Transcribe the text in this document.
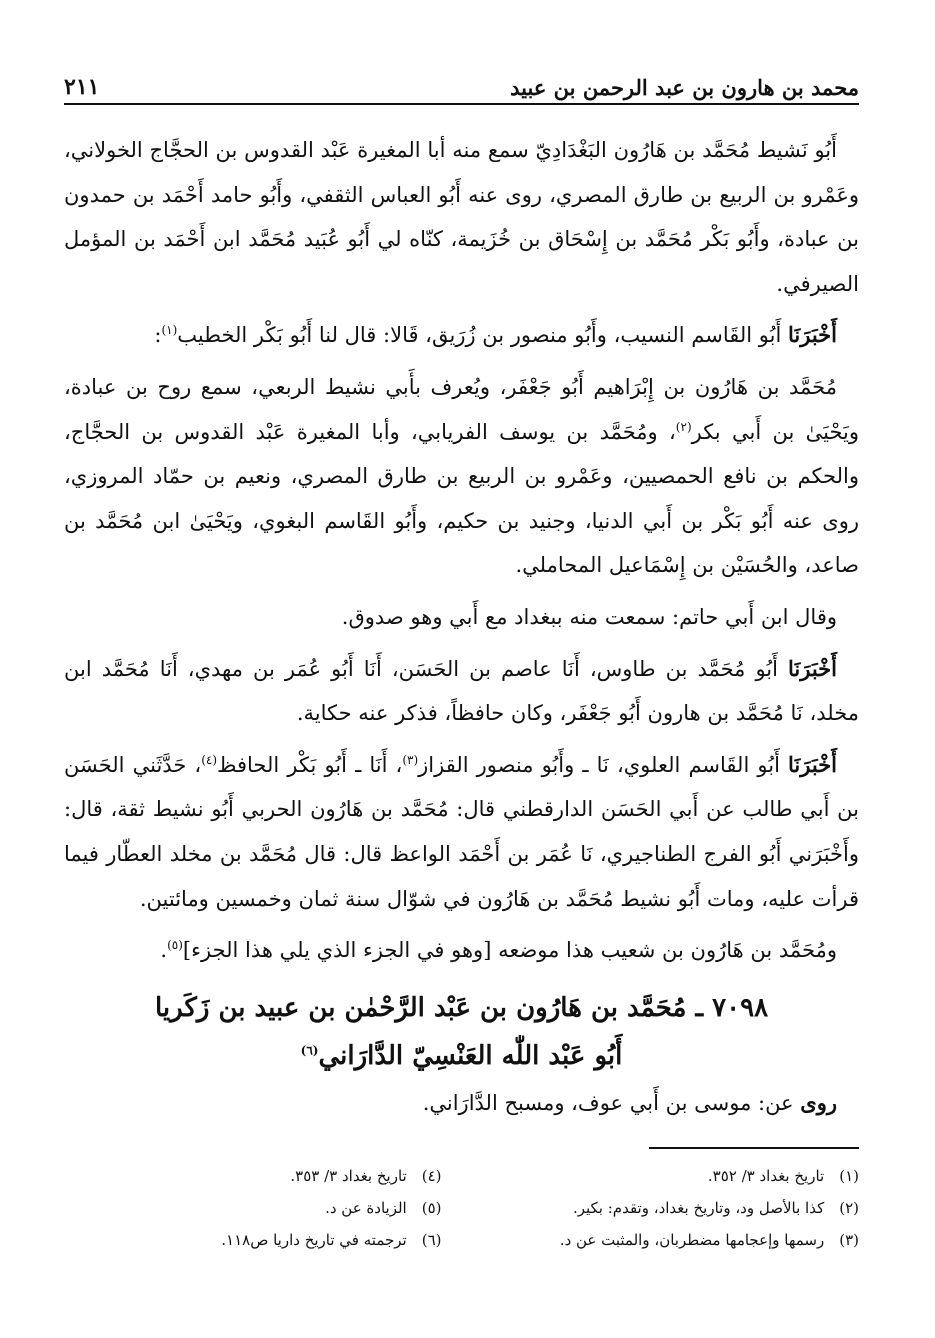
محمد بن هارون بن عبد الرحمن بن عبيد
٢١١

أَبُو نَشيط مُحَمَّد بن هَارُون البَغْدَادِيّ سمع منه أبا المغيرة عَبْد القدوس بن الحجَّاج الخولاني، وعَمْرو بن الربيع بن طارق المصري، روى عنه أَبُو العباس الثقفي، وأَبُو حامد أَحْمَد بن حمدون بن عبادة، وأَبُو بَكْر مُحَمَّد بن إِسْحَاق بن خُزَيمة، كنّاه لي أَبُو عُبَيد مُحَمَّد ابن أَحْمَد بن المؤمل الصيرفي.

أَخْبَرَنَا أَبُو القَاسم النسيب، وأَبُو منصور بن زُرَيق، قَالا: قال لنا أَبُو بَكْر الخطيب$^{(١)}$:

مُحَمَّد بن هَارُون بن إِبْرَاهيم أَبُو جَعْفَر، ويُعرف بأَبي نشيط الربعي، سمع روح بن عبادة، ويَحْيَىٰ بن أَبي بكر$^{(٢)}$، ومُحَمَّد بن يوسف الفريابي، وأبا المغيرة عَبْد القدوس بن الحجَّاج، والحكم بن نافع الحمصيين، وعَمْرو بن الربيع بن طارق المصري، ونعيم بن حمّاد المروزي، روى عنه أَبُو بَكْر بن أَبي الدنيا، وجنيد بن حكيم، وأَبُو القَاسم البغوي، ويَحْيَىٰ ابن مُحَمَّد بن صاعد، والحُسَيْن بن إِسْمَاعيل المحاملي.

وقال ابن أَبي حاتم: سمعت منه ببغداد مع أَبي وهو صدوق.

أَخْبَرَنَا أَبُو مُحَمَّد بن طاوس، أَنَا عاصم بن الحَسَن، أَنَا أَبُو عُمَر بن مهدي، أَنَا مُحَمَّد ابن مخلد، نَا مُحَمَّد بن هارون أَبُو جَعْفَر، وكان حافظاً، فذكر عنه حكاية.

أَخْبَرَنَا أَبُو القَاسم العلوي، نَا ـ وأَبُو منصور القزاز$^{(٣)}$، أَنَا ـ أَبُو بَكْر الحافظ$^{(٤)}$، حَدَّثَني الحَسَن بن أَبي طالب عن أَبي الحَسَن الدارقطني قال: مُحَمَّد بن هَارُون الحربي أَبُو نشيط ثقة، قال: وأَخْبَرَني أَبُو الفرج الطناجيري، نَا عُمَر بن أَحْمَد الواعظ قال: قال مُحَمَّد بن مخلد العطّار فيما قرأت عليه، ومات أَبُو نشيط مُحَمَّد بن هَارُون في شوّال سنة ثمان وخمسين ومائتين.

ومُحَمَّد بن هَارُون بن شعيب هذا موضعه [وهو في الجزء الذي يلي هذا الجزء]$^{(٥)}$.

٧٠٩٨ ـ مُحَمَّد بن هَارُون بن عَبْد الرَّحْمٰن بن عبيد بن زَكَريا
أَبُو عَبْد اللّٰه العَنْسِيّ الدَّارَاني$^{(٦)}$

روى عن: موسى بن أَبي عوف، ومسبح الدَّارَاني.

(١) تاريخ بغداد ٣/ ٣٥٢.
(٢) كذا بالأصل ود، وتاريخ بغداد، وتقدم: بكير.
(٣) رسمها وإعجامها مضطربان، والمثبت عن د.
(٤) تاريخ بغداد ٣/ ٣٥٣.
(٥) الزيادة عن د.
(٦) ترجمته في تاريخ داريا ص١١٨.
